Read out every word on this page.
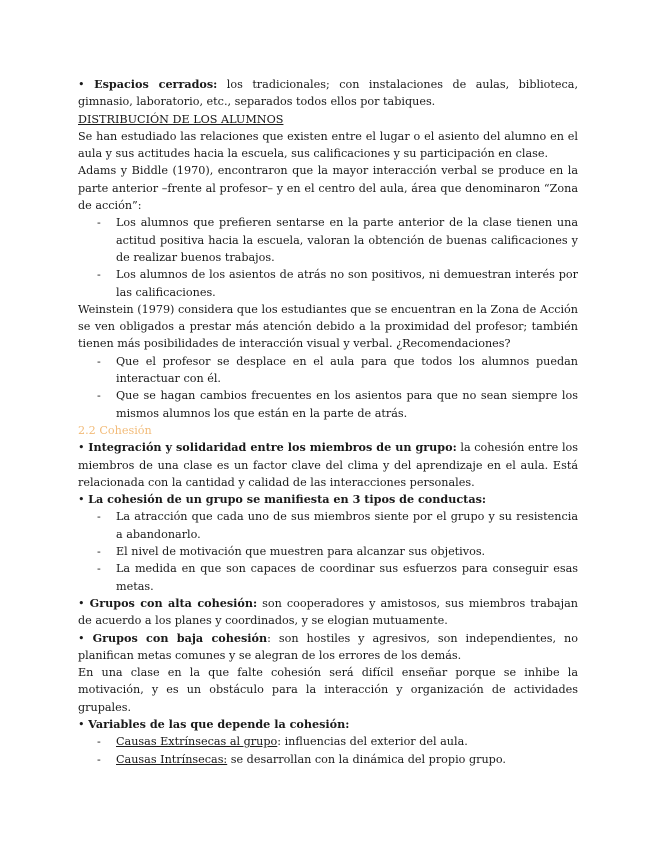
• Espacios cerrados: los tradicionales; con instalaciones de aulas, biblioteca, gimnasio, laboratorio, etc., separados todos ellos por tabiques.

DISTRIBUCIÓN DE LOS ALUMNOS

Se han estudiado las relaciones que existen entre el lugar o el asiento del alumno en el aula y sus actitudes hacia la escuela, sus calificaciones y su participación en clase.

Adams y Biddle (1970), encontraron que la mayor interacción verbal se produce en la parte anterior –frente al profesor– y en el centro del aula, área que denominaron “Zona de acción”:

- Los alumnos que prefieren sentarse en la parte anterior de la clase tienen una actitud positiva hacia la escuela, valoran la obtención de buenas calificaciones y de realizar buenos trabajos.
- Los alumnos de los asientos de atrás no son positivos, ni demuestran interés por las calificaciones.

Weinstein (1979) considera que los estudiantes que se encuentran en la Zona de Acción se ven obligados a prestar más atención debido a la proximidad del profesor; también tienen más posibilidades de interacción visual y verbal. ¿Recomendaciones?

- Que el profesor se desplace en el aula para que todos los alumnos puedan interactuar con él.
- Que se hagan cambios frecuentes en los asientos para que no sean siempre los mismos alumnos los que están en la parte de atrás.

2.2 Cohesión

• Integración y solidaridad entre los miembros de un grupo: la cohesión entre los miembros de una clase es un factor clave del clima y del aprendizaje en el aula. Está relacionada con la cantidad y calidad de las interacciones personales.

• La cohesión de un grupo se manifiesta en 3 tipos de conductas:

- La atracción que cada uno de sus miembros siente por el grupo y su resistencia a abandonarlo.
- El nivel de motivación que muestren para alcanzar sus objetivos.
- La medida en que son capaces de coordinar sus esfuerzos para conseguir esas metas.

• Grupos con alta cohesión: son cooperadores y amistosos, sus miembros trabajan de acuerdo a los planes y coordinados, y se elogian mutuamente.

• Grupos con baja cohesión: son hostiles y agresivos, son independientes, no planifican metas comunes y se alegran de los errores de los demás.

En una clase en la que falte cohesión será difícil enseñar porque se inhibe la motivación, y es un obstáculo para la interacción y organización de actividades grupales.

• Variables de las que depende la cohesión:

- Causas Extrínsecas al grupo: influencias del exterior del aula.
- Causas Intrínsecas: se desarrollan con la dinámica del propio grupo.
